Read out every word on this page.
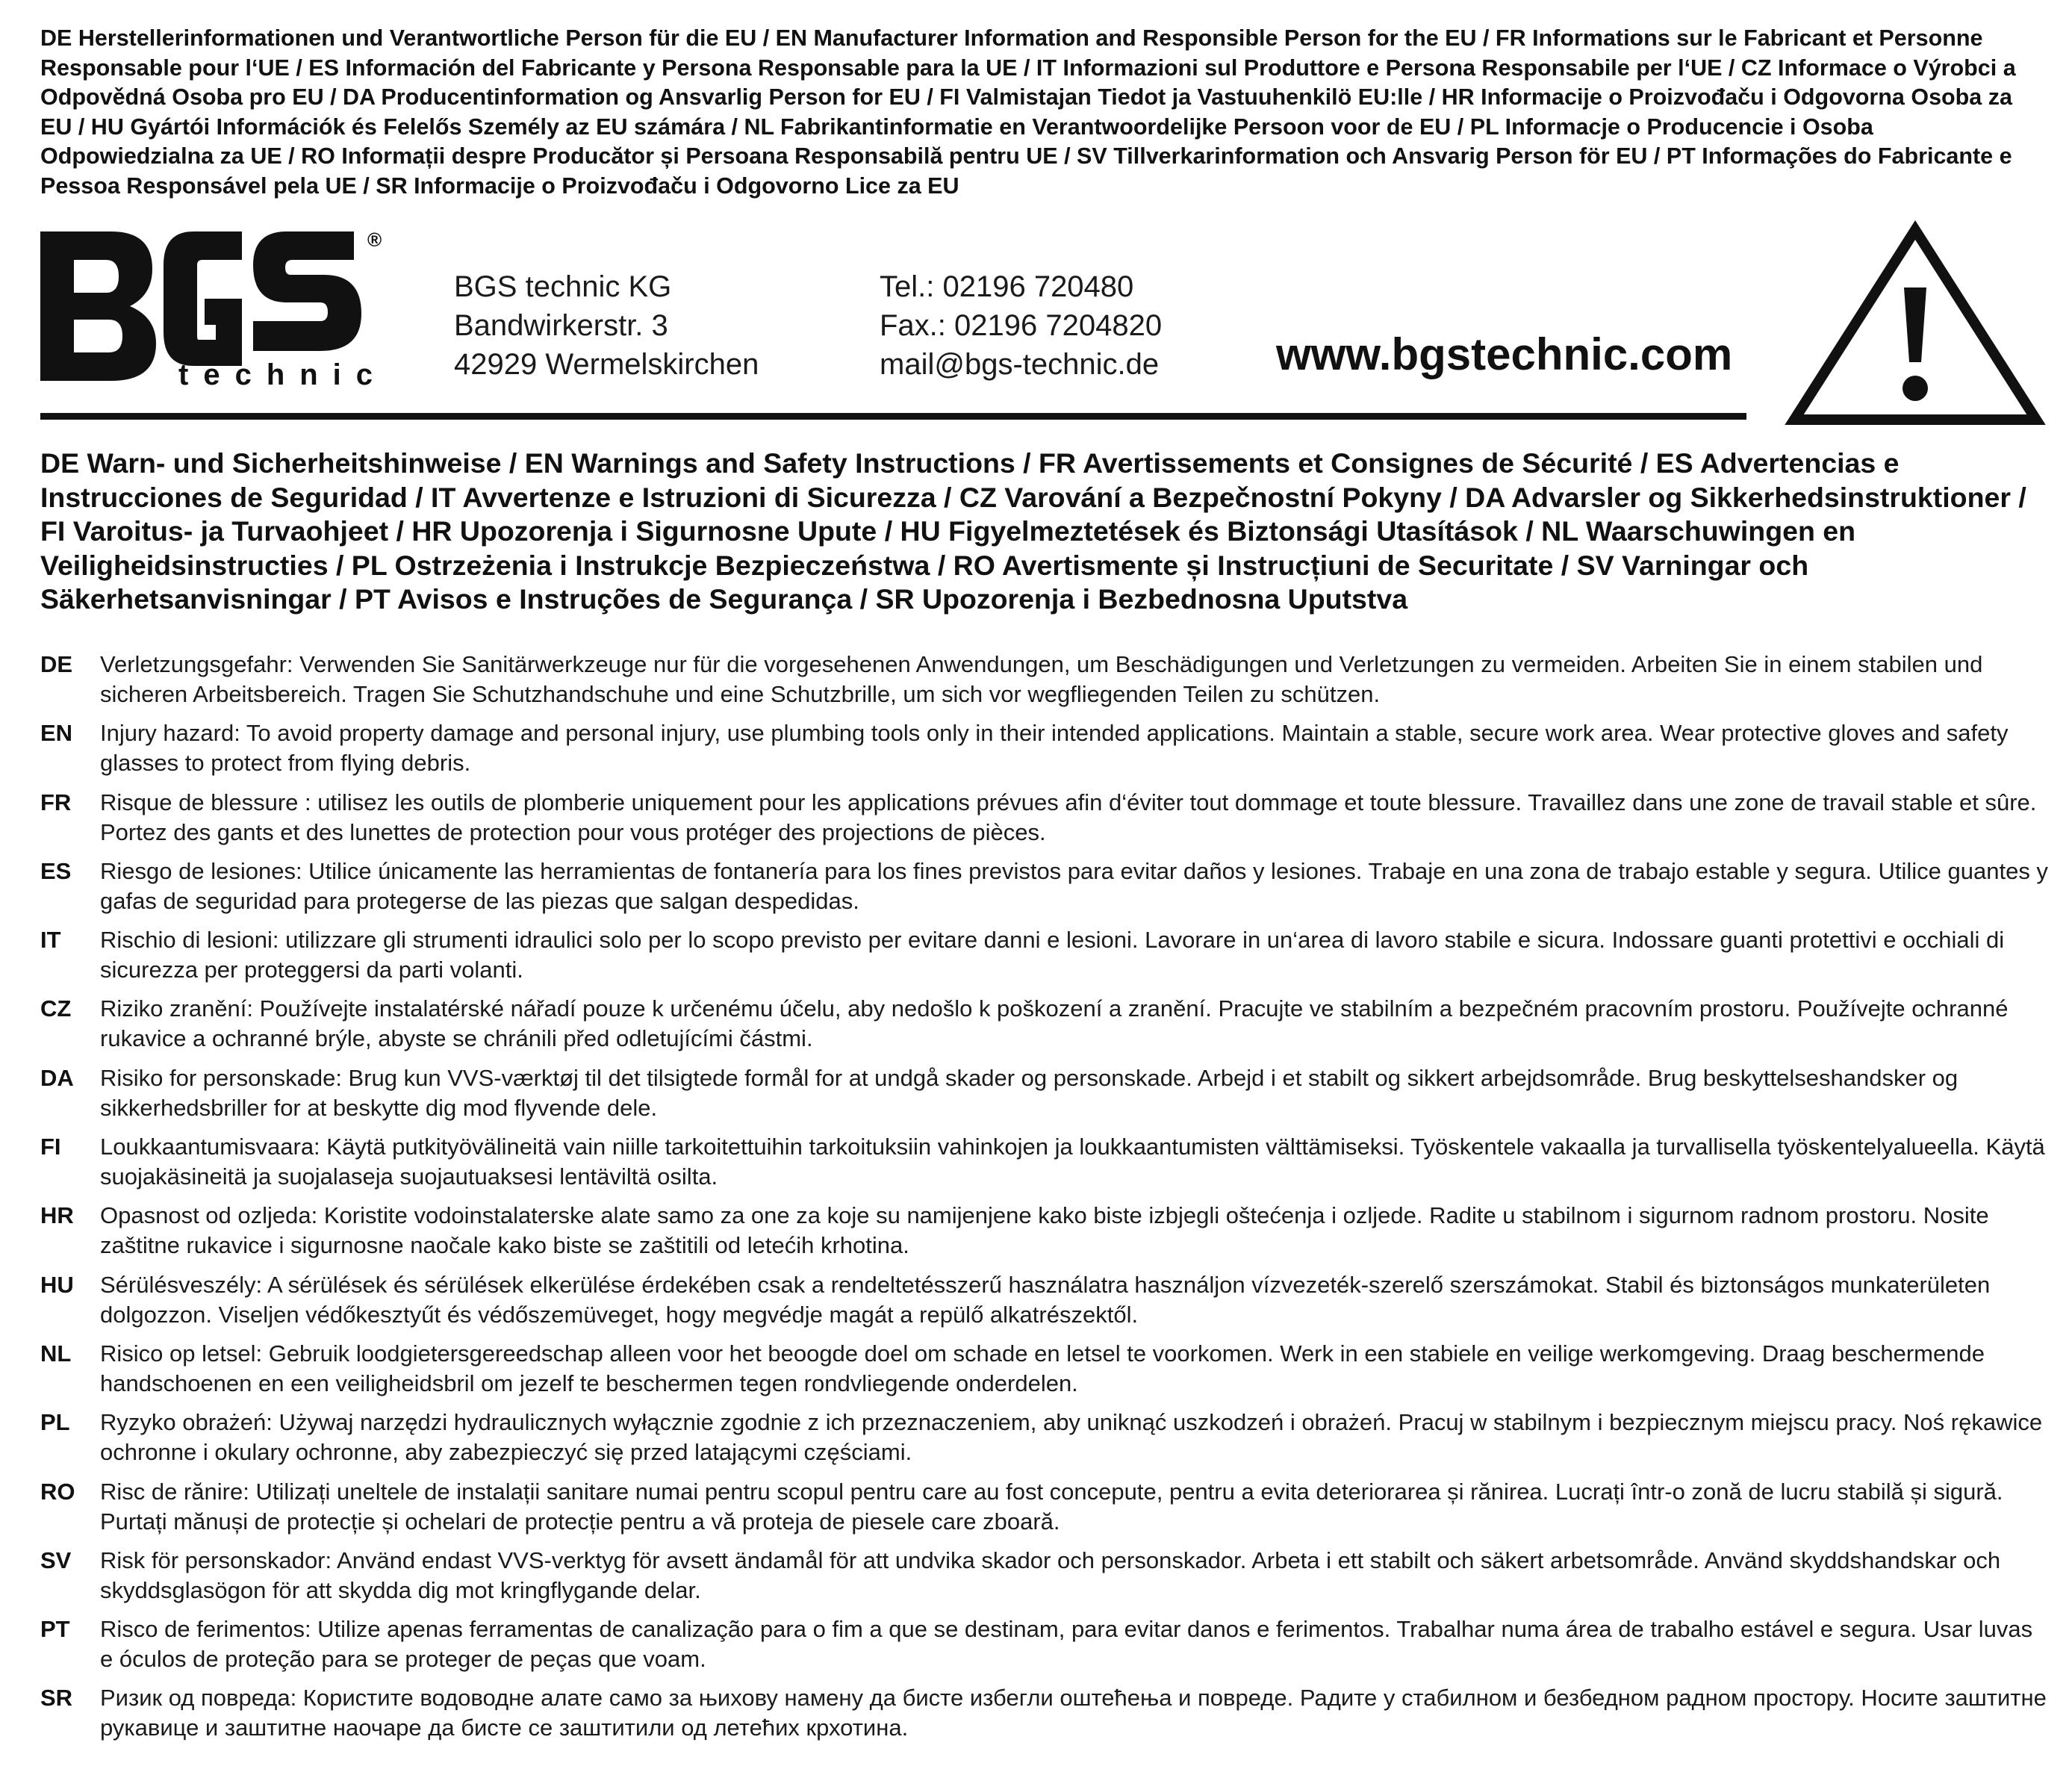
DE Herstellerinformationen und Verantwortliche Person für die EU / EN Manufacturer Information and Responsible Person for the EU / FR Informations sur le Fabricant et Personne Responsable pour l‘UE / ES Información del Fabricante y Persona Responsable para la UE / IT Informazioni sul Produttore e Persona Responsabile per l‘UE / CZ Informace o Výrobci a Odpovědná Osoba pro EU / DA Producentinformation og Ansvarlig Person for EU / FI Valmistajan Tiedot ja Vastuuhenkilö EU:lle / HR Informacije o Proizvođaču i Odgovorna Osoba za EU / HU Gyártói Információk és Felelős Személy az EU számára / NL Fabrikantinformatie en Verantwoordelijke Persoon voor de EU / PL Informacje o Producencie i Osoba Odpowiedzialna za UE / RO Informații despre Producător și Persoana Responsabilă pentru UE / SV Tillverkarinformation och Ansvarig Person för EU / PT Informações do Fabricante e Pessoa Responsável pela UE / SR Informacije o Proizvođaču i Odgovorno Lice za EU
®
technic
BGS technic KG
Bandwirkerstr. 3
42929 Wermelskirchen
Tel.: 02196 720480
Fax.: 02196 7204820
mail@bgs-technic.de	www.bgstechnic.com
DE Warn- und Sicherheitshinweise / EN Warnings and Safety Instructions / FR Avertissements et Consignes de Sécurité / ES Advertencias e Instrucciones de Seguridad / IT Avvertenze e Istruzioni di Sicurezza / CZ Varování a Bezpečnostní Pokyny / DA Advarsler og Sikkerhedsinstruktioner / FI Varoitus- ja Turvaohjeet / HR Upozorenja i Sigurnosne Upute / HU Figyelmeztetések és Biztonsági Utasítások / NL Waarschuwingen en Veiligheidsinstructies / PL Ostrzeżenia i Instrukcje Bezpieczeństwa / RO Avertismente și Instrucțiuni de Securitate / SV Varningar och Säkerhetsanvisningar / PT Avisos e Instruções de Segurança / SR Upozorenja i Bezbednosna Uputstva
DE	Verletzungsgefahr: Verwenden Sie Sanitärwerkzeuge nur für die vorgesehenen Anwendungen, um Beschädigungen und Verletzungen zu vermeiden. Arbeiten Sie in einem stabilen und sicheren Arbeitsbereich. Tragen Sie Schutzhandschuhe und eine Schutzbrille, um sich vor wegfliegenden Teilen zu schützen.
EN	Injury hazard: To avoid property damage and personal injury, use plumbing tools only in their intended applications. Maintain a stable, secure work area. Wear protective gloves and safety glasses to protect from flying debris.
FR	Risque de blessure : utilisez les outils de plomberie uniquement pour les applications prévues afin d‘éviter tout dommage et toute blessure. Travaillez dans une zone de travail stable et sûre. Portez des gants et des lunettes de protection pour vous protéger des projections de pièces.
ES	Riesgo de lesiones: Utilice únicamente las herramientas de fontanería para los fines previstos para evitar daños y lesiones. Trabaje en una zona de trabajo estable y segura. Utilice guantes y gafas de seguridad para protegerse de las piezas que salgan despedidas.
IT	Rischio di lesioni: utilizzare gli strumenti idraulici solo per lo scopo previsto per evitare danni e lesioni. Lavorare in un‘area di lavoro stabile e sicura. Indossare guanti protettivi e occhiali di sicurezza per proteggersi da parti volanti.
CZ	Riziko zranění: Používejte instalatérské nářadí pouze k určenému účelu, aby nedošlo k poškození a zranění. Pracujte ve stabilním a bezpečném pracovním prostoru. Používejte ochranné rukavice a ochranné brýle, abyste se chránili před odletujícími částmi.
DA	Risiko for personskade: Brug kun VVS-værktøj til det tilsigtede formål for at undgå skader og personskade. Arbejd i et stabilt og sikkert arbejdsområde. Brug beskyttelseshandsker og sikkerhedsbriller for at beskytte dig mod flyvende dele.
FI	Loukkaantumisvaara: Käytä putkityövälineitä vain niille tarkoitettuihin tarkoituksiin vahinkojen ja loukkaantumisten välttämiseksi. Työskentele vakaalla ja turvallisella työskentelyalueella. Käytä suojakäsineitä ja suojalaseja suojautuaksesi lentäviltä osilta.
HR	Opasnost od ozljeda: Koristite vodoinstalaterske alate samo za one za koje su namijenjene kako biste izbjegli oštećenja i ozljede. Radite u stabilnom i sigurnom radnom prostoru. Nosite zaštitne rukavice i sigurnosne naočale kako biste se zaštitili od letećih krhotina.
HU	Sérülésveszély: A sérülések és sérülések elkerülése érdekében csak a rendeltetésszerű használatra használjon vízvezeték-szerelő szerszámokat. Stabil és biztonságos munkaterületen dolgozzon. Viseljen védőkesztyűt és védőszemüveget, hogy megvédje magát a repülő alkatrészektől.
NL	Risico op letsel: Gebruik loodgietersgereedschap alleen voor het beoogde doel om schade en letsel te voorkomen. Werk in een stabiele en veilige werkomgeving. Draag beschermende handschoenen en een veiligheidsbril om jezelf te beschermen tegen rondvliegende onderdelen.
PL	Ryzyko obrażeń: Używaj narzędzi hydraulicznych wyłącznie zgodnie z ich przeznaczeniem, aby uniknąć uszkodzeń i obrażeń. Pracuj w stabilnym i bezpiecznym miejscu pracy. Noś rękawice ochronne i okulary ochronne, aby zabezpieczyć się przed latającymi częściami.
RO	Risc de rănire: Utilizați uneltele de instalații sanitare numai pentru scopul pentru care au fost concepute, pentru a evita deteriorarea și rănirea. Lucrați într-o zonă de lucru stabilă și sigură. Purtați mănuși de protecție și ochelari de protecție pentru a vă proteja de piesele care zboară.
SV	Risk för personskador: Använd endast VVS-verktyg för avsett ändamål för att undvika skador och personskador. Arbeta i ett stabilt och säkert arbetsområde. Använd skyddshandskar och skyddsglasögon för att skydda dig mot kringflygande delar.
PT	Risco de ferimentos: Utilize apenas ferramentas de canalização para o fim a que se destinam, para evitar danos e ferimentos. Trabalhar numa área de trabalho estável e segura. Usar luvas e óculos de proteção para se proteger de peças que voam.
SR	Ризик од повреда: Користите водоводне алате само за њихову намену да бисте избегли оштећења и повреде. Радите у стабилном и безбедном радном простору. Носите заштитне рукавице и заштитне наочаре да бисте се заштитили од летећих крхотина.
